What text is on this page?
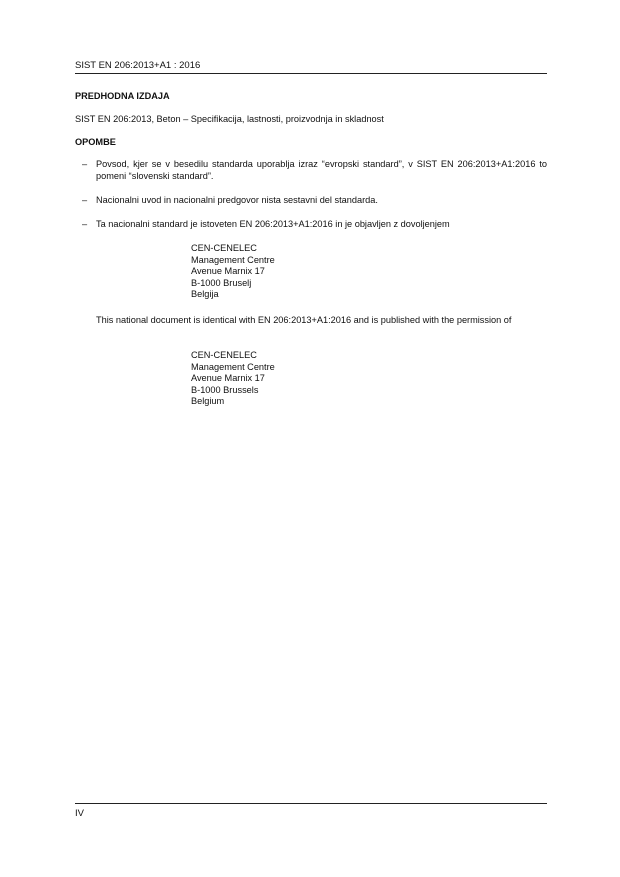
SIST EN 206:2013+A1 : 2016
PREDHODNA IZDAJA
SIST EN 206:2013, Beton – Specifikacija, lastnosti, proizvodnja in skladnost
OPOMBE
– Povsod, kjer se v besedilu standarda uporablja izraz “evropski standard”, v SIST EN 206:2013+A1:2016 to pomeni “slovenski standard”.
– Nacionalni uvod in nacionalni predgovor nista sestavni del standarda.
– Ta nacionalni standard je istoveten EN 206:2013+A1:2016 in je objavljen z dovoljenjem
CEN-CENELEC
Management Centre
Avenue Marnix 17
B-1000 Bruselj
Belgija
This national document is identical with EN 206:2013+A1:2016 and is published with the permission of
CEN-CENELEC
Management Centre
Avenue Marnix 17
B-1000 Brussels
Belgium
IV
